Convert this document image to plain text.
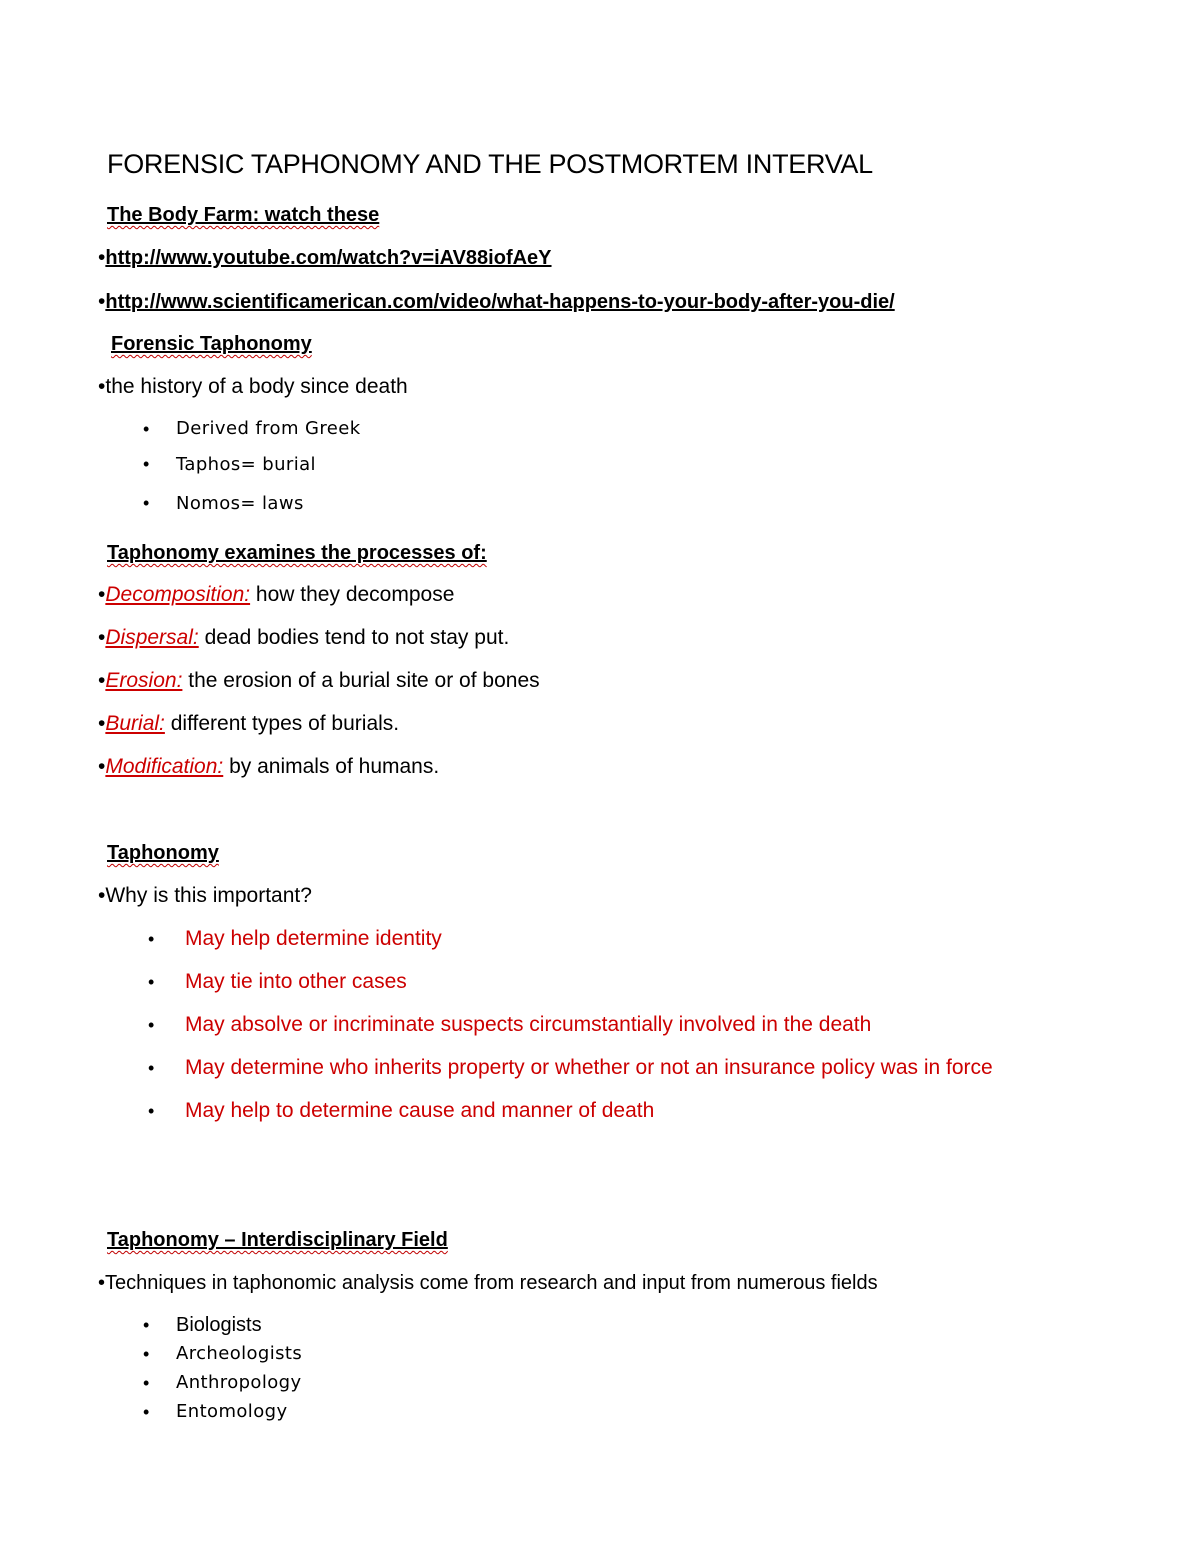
FORENSIC TAPHONOMY AND THE POSTMORTEM INTERVAL
The Body Farm: watch these
•http://www.youtube.com/watch?v=iAV88iofAeY
•http://www.scientificamerican.com/video/what-happens-to-your-body-after-you-die/
Forensic Taphonomy
•the history of a body since death
• Derived from Greek
• Taphos= burial
• Nomos= laws
Taphonomy examines the processes of:
•Decomposition: how they decompose
•Dispersal: dead bodies tend to not stay put.
•Erosion: the erosion of a burial site or of bones
•Burial: different types of burials.
•Modification: by animals of humans.
Taphonomy
•Why is this important?
• May help determine identity
• May tie into other cases
• May absolve or incriminate suspects circumstantially involved in the death
• May determine who inherits property or whether or not an insurance policy was in force
• May help to determine cause and manner of death
Taphonomy – Interdisciplinary Field
•Techniques in taphonomic analysis come from research and input from numerous fields
• Biologists
• Archeologists
• Anthropology
• Entomology
